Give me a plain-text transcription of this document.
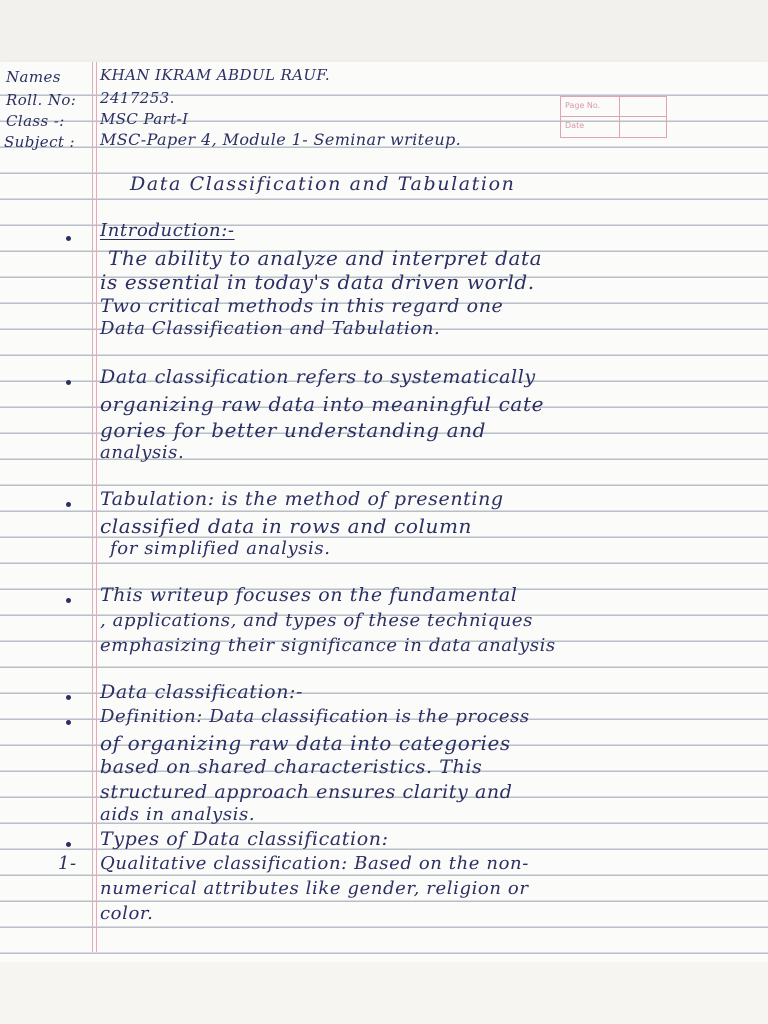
Page No.
Date
Names	KHAN IKRAM ABDUL RAUF.
Roll. No: 2417253.
Class -: MSC Part-I
Subject : MSC-Paper 4, Module 1- Seminar writeup.
Data Classification and Tabulation
Introduction:-
The ability to analyze and interpret data
is essential in today's data driven world.
Two critical methods in this regard one
Data Classification and Tabulation.
Data classification refers to systematically
organizing raw data into meaningful cate
gories for better understanding and
analysis.
Tabulation: is the method of presenting
classified data in rows and column
for simplified analysis.
This writeup focuses on the fundamental
, applications, and types of these techniques
emphasizing their significance in data analysis
Data classification:-
Definition: Data classification is the process
of organizing raw data into categories
based on shared characteristics. This
structured approach ensures clarity and
aids in analysis.
Types of Data classification:
1- Qualitative classification: Based on the non-
numerical attributes like gender, religion or
color.
